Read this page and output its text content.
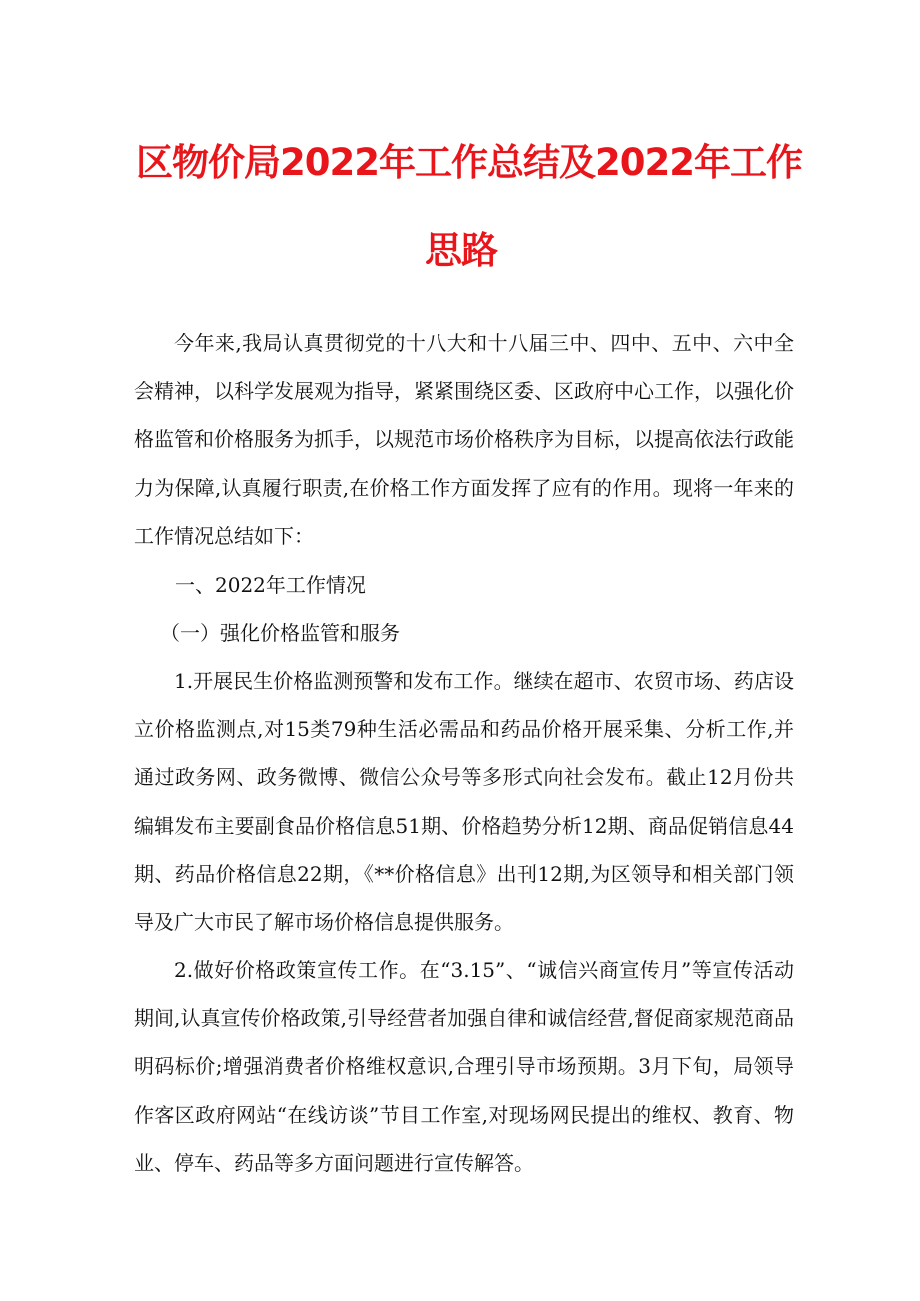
区物价局2022年工作总结及2022年工作
思路

今年来,我局认真贯彻党的十八大和十八届三中、四中、五中、六中全会精神，以科学发展观为指导，紧紧围绕区委、区政府中心工作，以强化价格监管和价格服务为抓手，以规范市场价格秩序为目标，以提高依法行政能力为保障,认真履行职责,在价格工作方面发挥了应有的作用。现将一年来的工作情况总结如下：

一、2022年工作情况
（一）强化价格监管和服务

1.开展民生价格监测预警和发布工作。继续在超市、农贸市场、药店设立价格监测点,对15类79种生活必需品和药品价格开展采集、分析工作,并通过政务网、政务微博、微信公众号等多形式向社会发布。截止12月份共编辑发布主要副食品价格信息51期、价格趋势分析12期、商品促销信息44期、药品价格信息22期，《**价格信息》出刊12期,为区领导和相关部门领导及广大市民了解市场价格信息提供服务。

2.做好价格政策宣传工作。在“3.15”、“诚信兴商宣传月”等宣传活动期间,认真宣传价格政策,引导经营者加强自律和诚信经营,督促商家规范商品明码标价;增强消费者价格维权意识,合理引导市场预期。3月下旬，局领导作客区政府网站“在线访谈”节目工作室,对现场网民提出的维权、教育、物业、停车、药品等多方面问题进行宣传解答。
